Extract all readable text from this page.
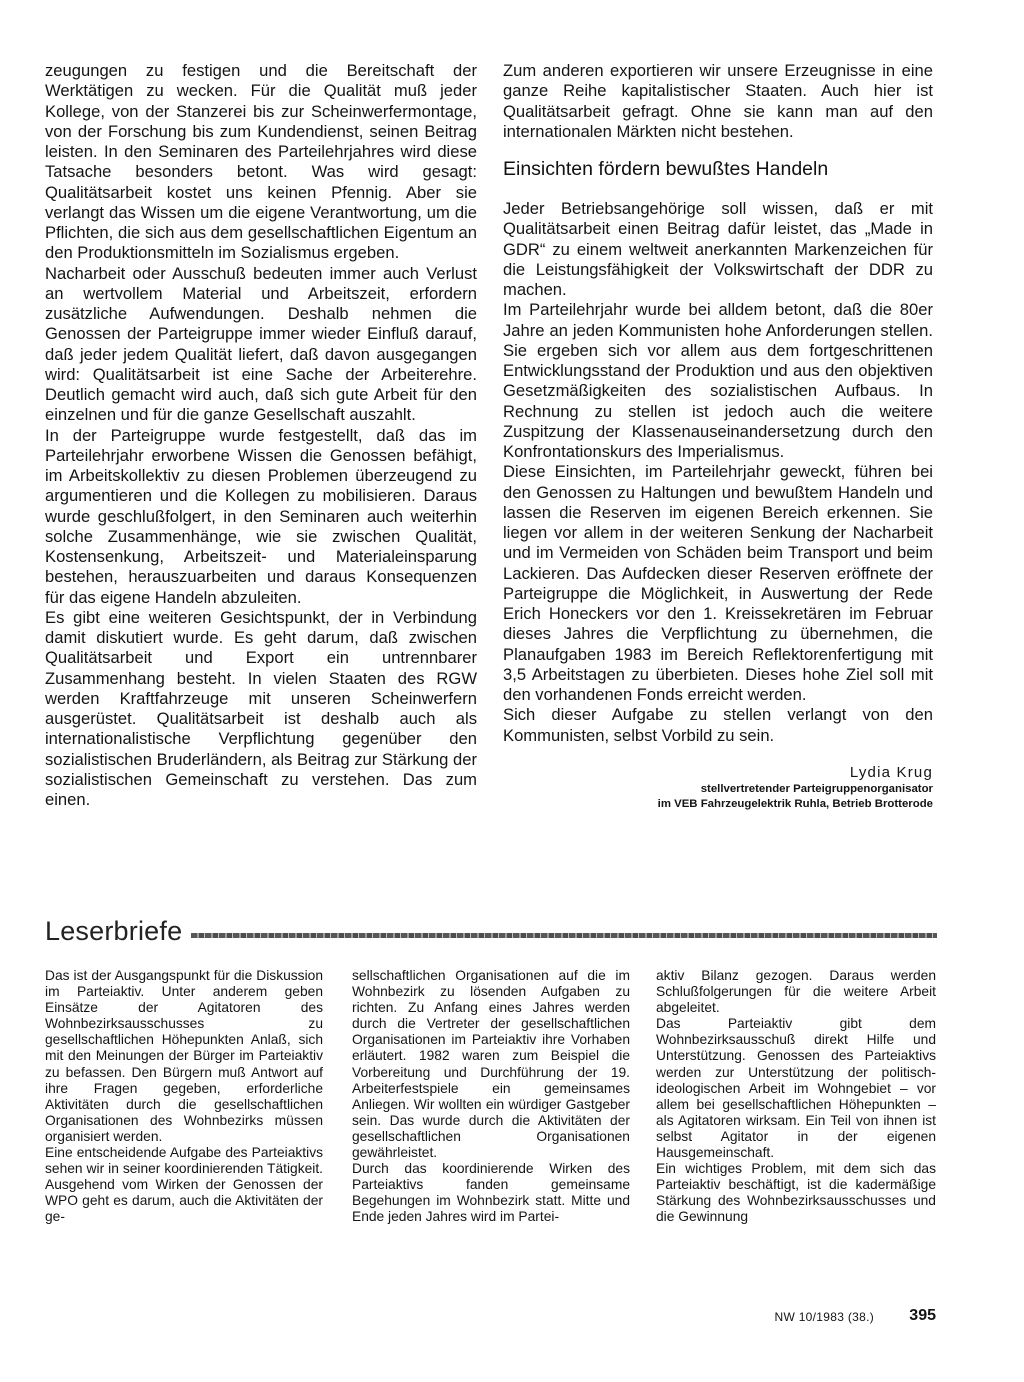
zeugungen zu festigen und die Bereitschaft der Werktätigen zu wecken. Für die Qualität muß jeder Kollege, von der Stanzerei bis zur Scheinwerfermontage, von der Forschung bis zum Kundendienst, seinen Beitrag leisten. In den Seminaren des Parteilehrjahres wird diese Tatsache besonders betont. Was wird gesagt: Qualitätsarbeit kostet uns keinen Pfennig. Aber sie verlangt das Wissen um die eigene Verantwortung, um die Pflichten, die sich aus dem gesellschaftlichen Eigentum an den Produktionsmitteln im Sozialismus ergeben.

Nacharbeit oder Ausschuß bedeuten immer auch Verlust an wertvollem Material und Arbeitszeit, erfordern zusätzliche Aufwendungen. Deshalb nehmen die Genossen der Parteigruppe immer wieder Einfluß darauf, daß jeder jedem Qualität liefert, daß davon ausgegangen wird: Qualitätsarbeit ist eine Sache der Arbeiterehre. Deutlich gemacht wird auch, daß sich gute Arbeit für den einzelnen und für die ganze Gesellschaft auszahlt.

In der Parteigruppe wurde festgestellt, daß das im Parteilehrjahr erworbene Wissen die Genossen befähigt, im Arbeitskollektiv zu diesen Problemen überzeugend zu argumentieren und die Kollegen zu mobilisieren. Daraus wurde geschlußfolgert, in den Seminaren auch weiterhin solche Zusammenhänge, wie sie zwischen Qualität, Kostensenkung, Arbeitszeit- und Materialeinsparung bestehen, herauszuarbeiten und daraus Konsequenzen für das eigene Handeln abzuleiten.

Es gibt eine weiteren Gesichtspunkt, der in Verbindung damit diskutiert wurde. Es geht darum, daß zwischen Qualitätsarbeit und Export ein untrennbarer Zusammenhang besteht. In vielen Staaten des RGW werden Kraftfahrzeuge mit unseren Scheinwerfern ausgerüstet. Qualitätsarbeit ist deshalb auch als internationalistische Verpflichtung gegenüber den sozialistischen Bruderländern, als Beitrag zur Stärkung der sozialistischen Gemeinschaft zu verstehen. Das zum einen.

Zum anderen exportieren wir unsere Erzeugnisse in eine ganze Reihe kapitalistischer Staaten. Auch hier ist Qualitätsarbeit gefragt. Ohne sie kann man auf den internationalen Märkten nicht bestehen.

Einsichten fördern bewußtes Handeln

Jeder Betriebsangehörige soll wissen, daß er mit Qualitätsarbeit einen Beitrag dafür leistet, das „Made in GDR“ zu einem weltweit anerkannten Markenzeichen für die Leistungsfähigkeit der Volkswirtschaft der DDR zu machen.

Im Parteilehrjahr wurde bei alldem betont, daß die 80er Jahre an jeden Kommunisten hohe Anforderungen stellen. Sie ergeben sich vor allem aus dem fortgeschrittenen Entwicklungsstand der Produktion und aus den objektiven Gesetzmäßigkeiten des sozialistischen Aufbaus. In Rechnung zu stellen ist jedoch auch die weitere Zuspitzung der Klassenauseinandersetzung durch den Konfrontationskurs des Imperialismus.

Diese Einsichten, im Parteilehrjahr geweckt, führen bei den Genossen zu Haltungen und bewußtem Handeln und lassen die Reserven im eigenen Bereich erkennen. Sie liegen vor allem in der weiteren Senkung der Nacharbeit und im Vermeiden von Schäden beim Transport und beim Lackieren. Das Aufdecken dieser Reserven eröffnete der Parteigruppe die Möglichkeit, in Auswertung der Rede Erich Honeckers vor den 1. Kreissekretären im Februar dieses Jahres die Verpflichtung zu übernehmen, die Planaufgaben 1983 im Bereich Reflektorenfertigung mit 3,5 Arbeitstagen zu überbieten. Dieses hohe Ziel soll mit den vorhandenen Fonds erreicht werden.

Sich dieser Aufgabe zu stellen verlangt von den Kommunisten, selbst Vorbild zu sein.

Lydia Krug
stellvertretender Parteigruppenorganisator
im VEB Fahrzeugelektrik Ruhla, Betrieb Brotterode
Leserbriefe

Das ist der Ausgangspunkt für die Diskussion im Parteiaktiv. Unter anderem geben Einsätze der Agitatoren des Wohnbezirksausschusses zu gesellschaftlichen Höhepunkten Anlaß, sich mit den Meinungen der Bürger im Parteiaktiv zu befassen. Den Bürgern muß Antwort auf ihre Fragen gegeben, erforderliche Aktivitäten durch die gesellschaftlichen Organisationen des Wohnbezirks müssen organisiert werden.

Eine entscheidende Aufgabe des Parteiaktivs sehen wir in seiner koordinierenden Tätigkeit. Ausgehend vom Wirken der Genossen der WPO geht es darum, auch die Aktivitäten der ge-

sellschaftlichen Organisationen auf die im Wohnbezirk zu lösenden Aufgaben zu richten. Zu Anfang eines Jahres werden durch die Vertreter der gesellschaftlichen Organisationen im Parteiaktiv ihre Vorhaben erläutert. 1982 waren zum Beispiel die Vorbereitung und Durchführung der 19. Arbeiterfestspiele ein gemeinsames Anliegen. Wir wollten ein würdiger Gastgeber sein. Das wurde durch die Aktivitäten der gesellschaftlichen Organisationen gewährleistet.

Durch das koordinierende Wirken des Parteiaktivs fanden gemeinsame Begehungen im Wohnbezirk statt. Mitte und Ende jeden Jahres wird im Partei-

aktiv Bilanz gezogen. Daraus werden Schlußfolgerungen für die weitere Arbeit abgeleitet.

Das Parteiaktiv gibt dem Wohnbezirksausschuß direkt Hilfe und Unterstützung. Genossen des Parteiaktivs werden zur Unterstützung der politisch-ideologischen Arbeit im Wohngebiet – vor allem bei gesellschaftlichen Höhepunkten – als Agitatoren wirksam. Ein Teil von ihnen ist selbst Agitator in der eigenen Hausgemeinschaft.

Ein wichtiges Problem, mit dem sich das Parteiaktiv beschäftigt, ist die kadermäßige Stärkung des Wohnbezirksausschusses und die Gewinnung

NW 10/1983 (38.) 395
